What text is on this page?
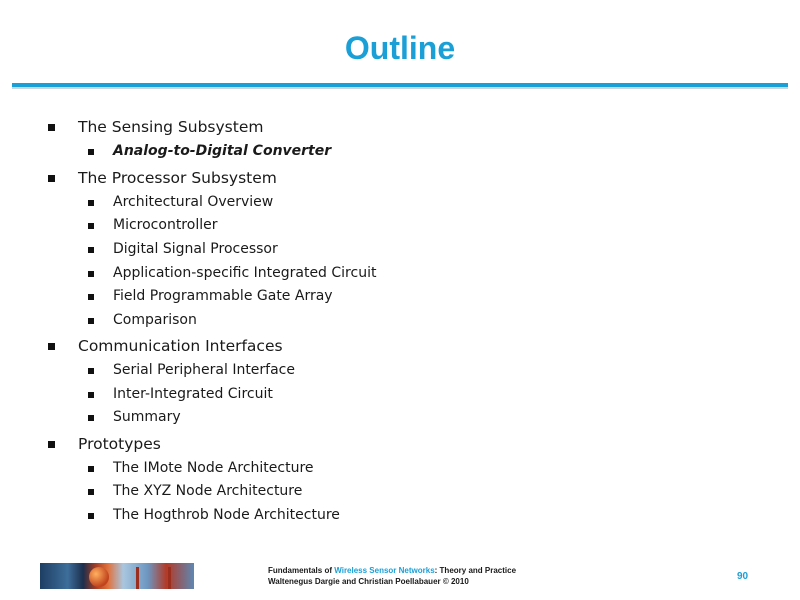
Outline
The Sensing Subsystem
Analog-to-Digital Converter
The Processor Subsystem
Architectural Overview
Microcontroller
Digital Signal Processor
Application-specific Integrated Circuit
Field Programmable Gate Array
Comparison
Communication Interfaces
Serial Peripheral Interface
Inter-Integrated Circuit
Summary
Prototypes
The IMote Node Architecture
The XYZ Node Architecture
The Hogthrob Node Architecture
Fundamentals of Wireless Sensor Networks: Theory and Practice
Waltenegus Dargie and Christian Poellabauer © 2010	90
